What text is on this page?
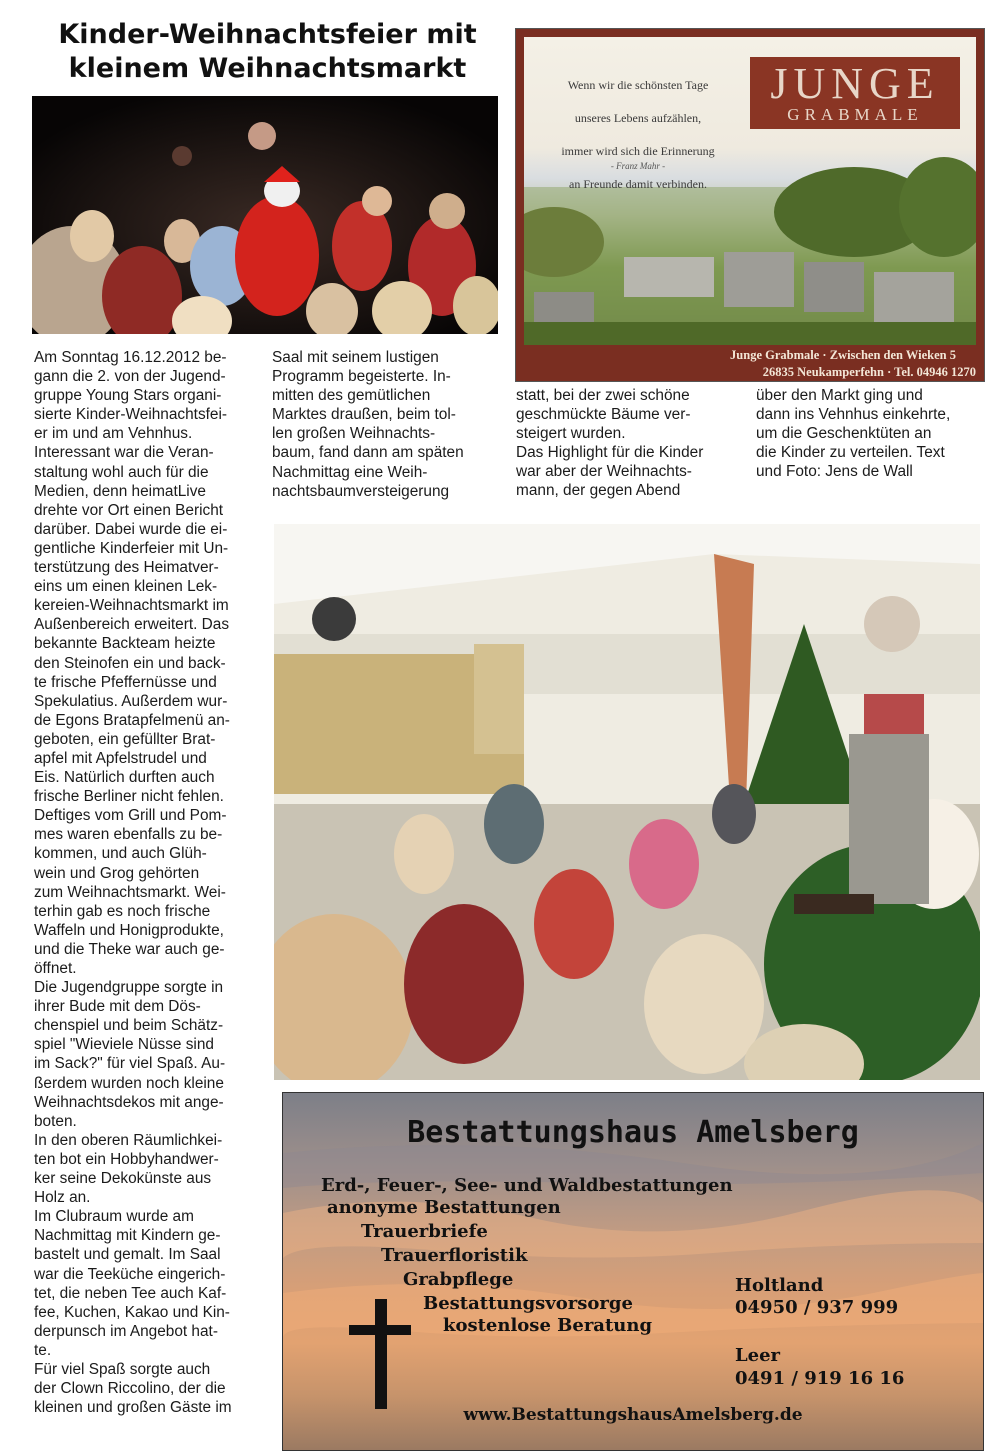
Kinder-Weihnachtsfeier mit
kleinem Weihnachtsmarkt

Am Sonntag 16.12.2012 be-

gann die 2. von der Jugend-

gruppe Young Stars organi-

sierte Kinder-Weihnachtsfei-

er im und am Vehnhus.

Interessant war die Veran-

staltung wohl auch für die

Medien, denn heimatLive

drehte vor Ort einen Bericht

darüber. Dabei wurde die ei-

gentliche Kinderfeier mit Un-

terstützung des Heimatver-

eins um einen kleinen Lek-

kereien-Weihnachtsmarkt im

Außenbereich erweitert. Das

bekannte Backteam heizte

den Steinofen ein und back-

te frische Pfeffernüsse und

Spekulatius. Außerdem wur-

de Egons Bratapfelmenü an-

geboten, ein gefüllter Brat-

apfel mit Apfelstrudel und

Eis. Natürlich durften auch

frische Berliner nicht fehlen.

Deftiges vom Grill und Pom-

mes waren ebenfalls zu be-

kommen, und auch Glüh-

wein und Grog gehörten

zum Weihnachtsmarkt. Wei-

terhin gab es noch frische

Waffeln und Honigprodukte,

und die Theke war auch ge-

öffnet.

Die Jugendgruppe sorgte in

ihrer Bude mit dem Dös-

chenspiel und beim Schätz-

spiel "Wieviele Nüsse sind

im Sack?" für viel Spaß. Au-

ßerdem wurden noch kleine

Weihnachtsdekos mit ange-

boten.

In den oberen Räumlichkei-

ten bot ein Hobbyhandwer-

ker seine Dekokünste aus

Holz an.

Im Clubraum wurde am

Nachmittag mit Kindern ge-

bastelt und gemalt. Im Saal

war die Teeküche eingerich-

tet, die neben Tee auch Kaf-

fee, Kuchen, Kakao und Kin-

derpunsch im Angebot hat-

te.

Für viel Spaß sorgte auch

der Clown Riccolino, der die

kleinen und großen Gäste im

Saal mit seinem lustigen

Programm begeisterte. In-

mitten des gemütlichen

Marktes draußen, beim tol-

len großen Weihnachts-

baum, fand dann am späten

Nachmittag eine Weih-

nachtsbaumversteigerung

statt, bei der zwei schöne

geschmückte Bäume ver-

steigert wurden.

Das Highlight für die Kinder

war aber der Weihnachts-

mann, der gegen Abend

über den Markt ging und

dann ins Vehnhus einkehrte,

um die Geschenktüten an

die Kinder zu verteilen. Text

und Foto: Jens de Wall

Wenn wir die schönsten Tage

unseres Lebens aufzählen,

immer wird sich die Erinnerung

an Freunde damit verbinden.

- Franz Mahr -
JUNGE
GRABMALE
Junge Grabmale · Zwischen den Wieken 5
26835 Neukamperfehn · Tel. 04946 1270
Bestattungshaus Amelsberg
Erd-, Feuer-, See- und Waldbestattungen
anonyme Bestattungen
Trauerbriefe
Trauerfloristik
Grabpflege
Bestattungsvorsorge
kostenlose Beratung
Holtland
04950 / 937 999
Leer
0491 / 919 16 16
www.BestattungshausAmelsberg.de
